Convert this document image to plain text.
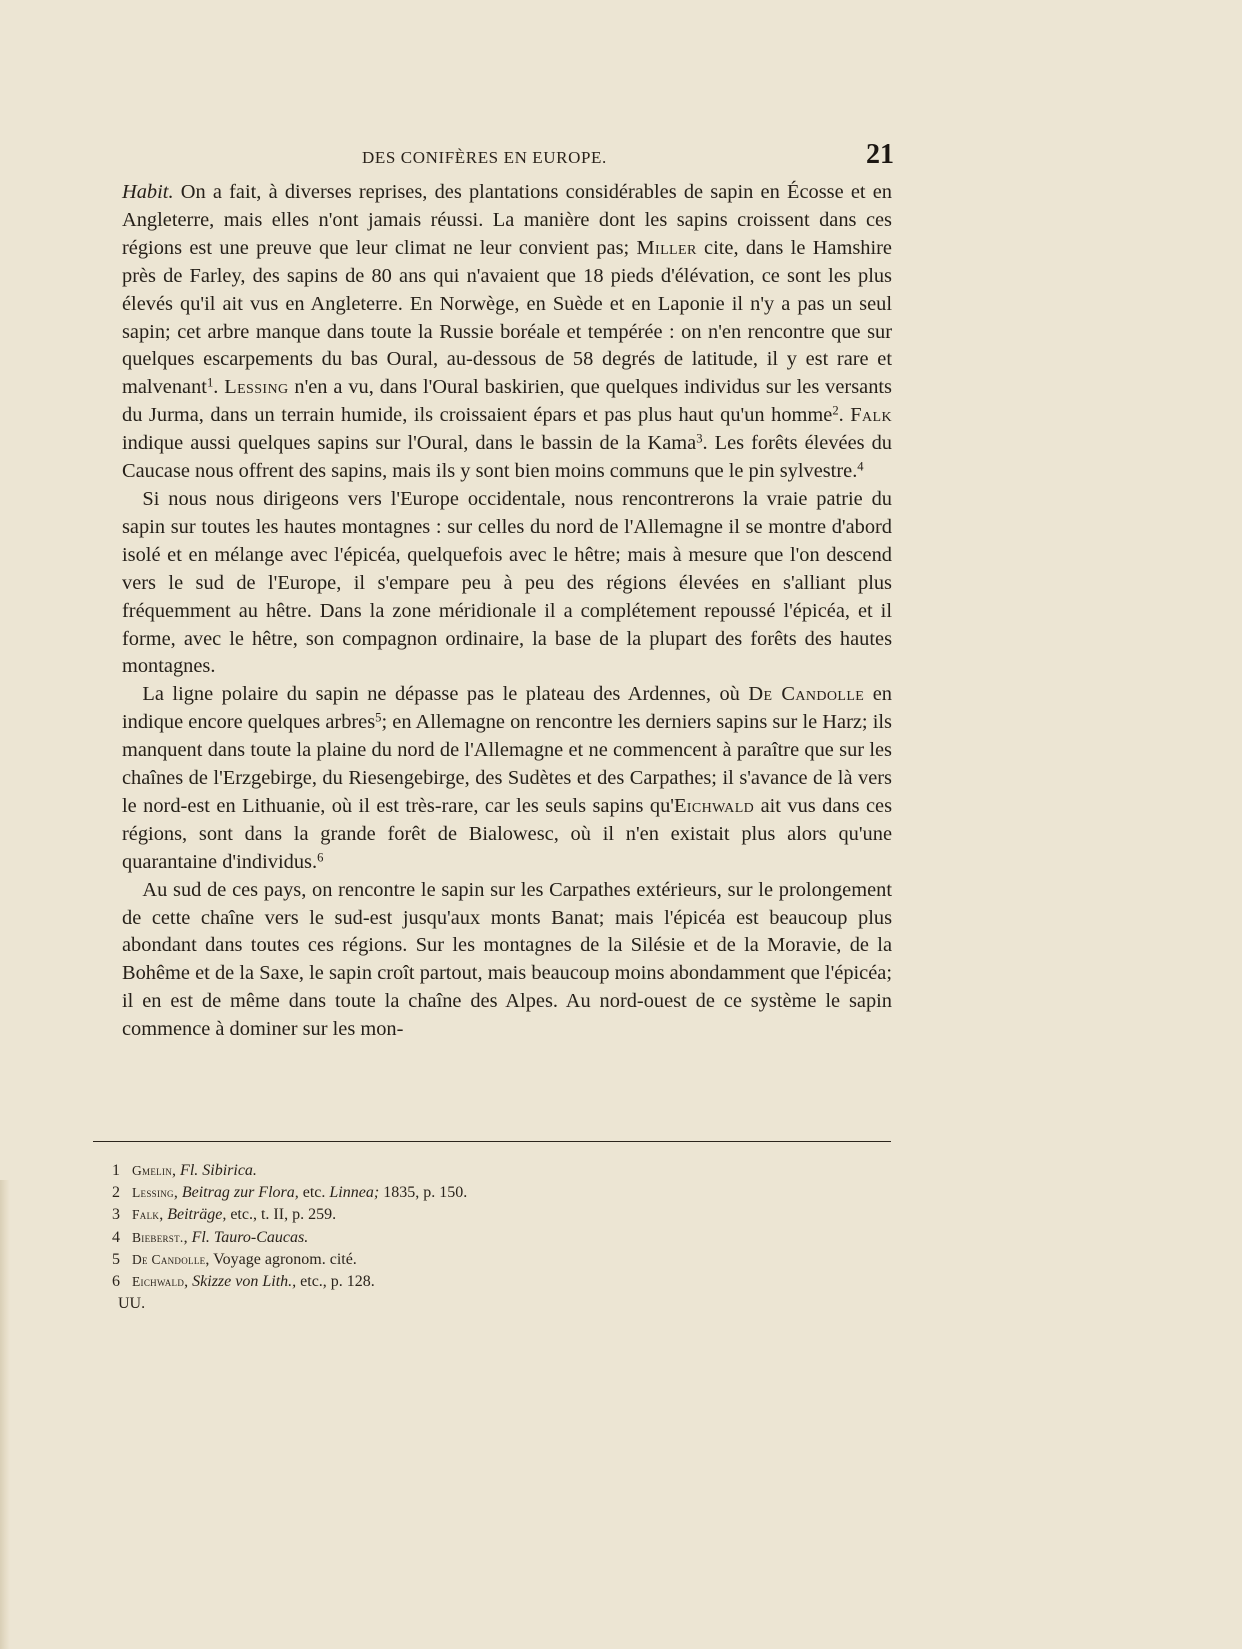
DES CONIFÈRES EN EUROPE.	21

Habit. On a fait, à diverses reprises, des plantations considérables de sapin en Écosse et en Angleterre, mais elles n'ont jamais réussi. La manière dont les sapins croissent dans ces régions est une preuve que leur climat ne leur convient pas; Miller cite, dans le Hamshire près de Farley, des sapins de 80 ans qui n'avaient que 18 pieds d'élévation, ce sont les plus élevés qu'il ait vus en Angleterre. En Norwège, en Suède et en Laponie il n'y a pas un seul sapin; cet arbre manque dans toute la Russie boréale et tempérée : on n'en rencontre que sur quelques escarpements du bas Oural, au-dessous de 58 degrés de latitude, il y est rare et malvenant$^1$. Lessing n'en a vu, dans l'Oural baskirien, que quelques individus sur les versants du Jurma, dans un terrain humide, ils croissaient épars et pas plus haut qu'un homme$^2$. Falk indique aussi quelques sapins sur l'Oural, dans le bassin de la Kama$^3$. Les forêts élevées du Caucase nous offrent des sapins, mais ils y sont bien moins communs que le pin sylvestre.$^4$

Si nous nous dirigeons vers l'Europe occidentale, nous rencontrerons la vraie patrie du sapin sur toutes les hautes montagnes : sur celles du nord de l'Allemagne il se montre d'abord isolé et en mélange avec l'épicéa, quelquefois avec le hêtre; mais à mesure que l'on descend vers le sud de l'Europe, il s'empare peu à peu des régions élevées en s'alliant plus fréquemment au hêtre. Dans la zone méridionale il a complétement repoussé l'épicéa, et il forme, avec le hêtre, son compagnon ordinaire, la base de la plupart des forêts des hautes montagnes.

La ligne polaire du sapin ne dépasse pas le plateau des Ardennes, où De Candolle en indique encore quelques arbres$^5$; en Allemagne on rencontre les derniers sapins sur le Harz; ils manquent dans toute la plaine du nord de l'Allemagne et ne commencent à paraître que sur les chaînes de l'Erzgebirge, du Riesengebirge, des Sudètes et des Carpathes; il s'avance de là vers le nord-est en Lithuanie, où il est très-rare, car les seuls sapins qu'Eichwald ait vus dans ces régions, sont dans la grande forêt de Bialowesc, où il n'en existait plus alors qu'une quarantaine d'individus.$^6$

Au sud de ces pays, on rencontre le sapin sur les Carpathes extérieurs, sur le prolongement de cette chaîne vers le sud-est jusqu'aux monts Banat; mais l'épicéa est beaucoup plus abondant dans toutes ces régions. Sur les montagnes de la Silésie et de la Moravie, de la Bohême et de la Saxe, le sapin croît partout, mais beaucoup moins abondamment que l'épicéa; il en est de même dans toute la chaîne des Alpes. Au nord-ouest de ce système le sapin commence à dominer sur les mon-

1 Gmelin, Fl. Sibirica.
2 Lessing, Beitrag zur Flora, etc. Linnea; 1835, p. 150.
3 Falk, Beiträge, etc., t. II, p. 259.
4 Bieberst., Fl. Tauro-Caucas.
5 De Candolle, Voyage agronom. cité.
6 Eichwald, Skizze von Lith., etc., p. 128.
UU.
